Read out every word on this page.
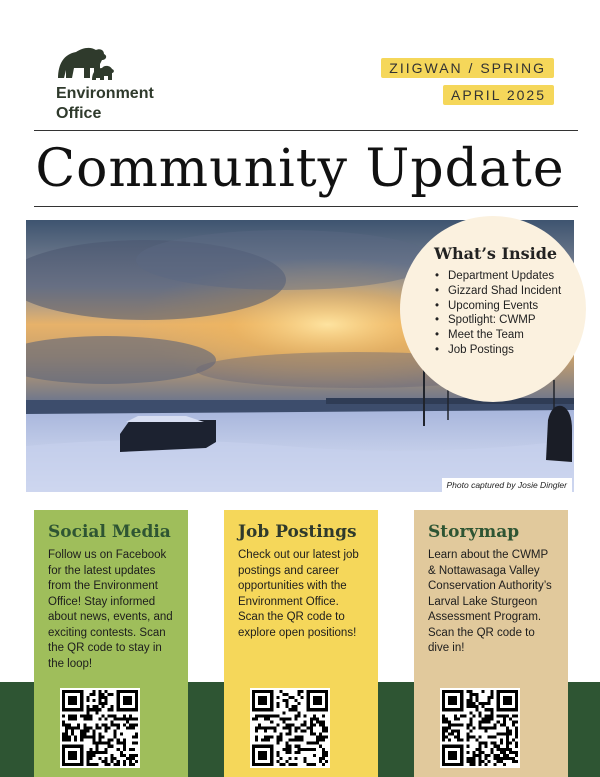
Environment
Office
ZIIGWAN / SPRING
APRIL 2025
Community Update
What’s Inside
• Department Updates
• Gizzard Shad Incident
• Upcoming Events
• Spotlight: CWMP
• Meet the Team
• Job Postings
Photo captured by Josie Dingler
Social Media

Follow us on Facebook for the latest updates from the Environment Office! Stay informed about news, events, and exciting contests. Scan the QR code to stay in the loop!

Job Postings

Check out our latest job postings and career opportunities with the Environment Office. Scan the QR code to explore open positions!

Storymap

Learn about the CWMP & Nottawasaga Valley Conservation Authority’s Larval Lake Sturgeon Assessment Program. Scan the QR code to dive in!
